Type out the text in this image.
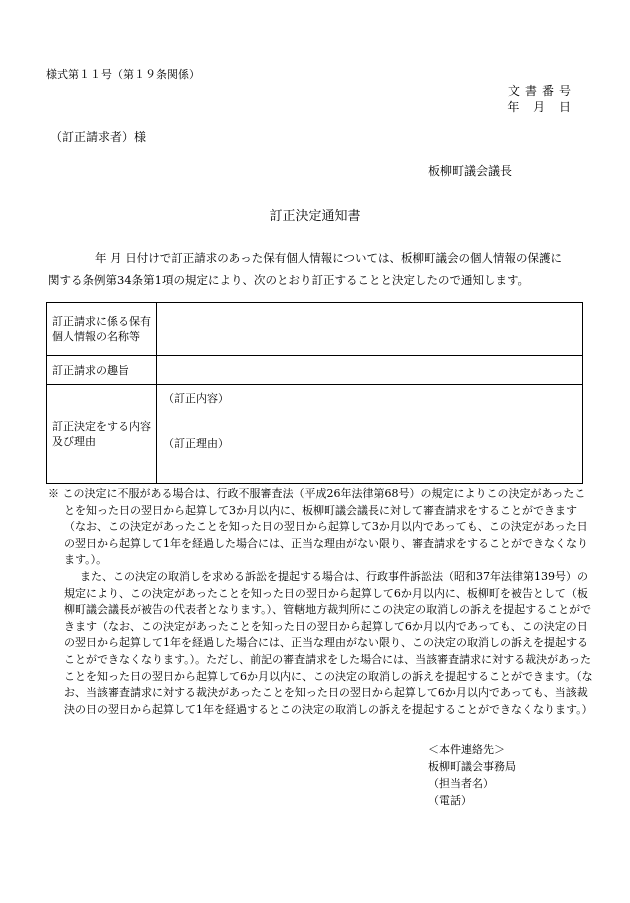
様式第１１号（第１９条関係）
文書番号
年 月 日
（訂正請求者）様
板柳町議会議長
訂正決定通知書

年 月 日付けで訂正請求のあった保有個人情報については、板柳町議会の個人情報の保護に

関する条例第34条第1項の規定により、次のとおり訂正することと決定したので通知します。

訂正請求に係る保有個人情報の名称等	
訂正請求の趣旨	
訂正決定をする内容及び理由	（訂正内容）
（訂正理由）

※ この決定に不服がある場合は、行政不服審査法（平成26年法律第68号）の規定によりこの決定があったことを知った日の翌日から起算して3か月以内に、板柳町議会議長に対して審査請求をすることができます（なお、この決定があったことを知った日の翌日から起算して3か月以内であっても、この決定があった日の翌日から起算して1年を経過した場合には、正当な理由がない限り、審査請求をすることができなくなります。）。

また、この決定の取消しを求める訴訟を提起する場合は、行政事件訴訟法（昭和37年法律第139号）の規定により、この決定があったことを知った日の翌日から起算して6か月以内に、板柳町を被告として（板柳町議会議長が被告の代表者となります。）、管轄地方裁判所にこの決定の取消しの訴えを提起することができます（なお、この決定があったことを知った日の翌日から起算して6か月以内であっても、この決定の日の翌日から起算して1年を経過した場合には、正当な理由がない限り、この決定の取消しの訴えを提起することができなくなります。）。ただし、前記の審査請求をした場合には、当該審査請求に対する裁決があったことを知った日の翌日から起算して6か月以内に、この決定の取消しの訴えを提起することができます。（なお、当該審査請求に対する裁決があったことを知った日の翌日から起算して6か月以内であっても、当該裁決の日の翌日から起算して1年を経過するとこの決定の取消しの訴えを提起することができなくなります。）

＜本件連絡先＞
板柳町議会事務局
（担当者名）
（電話）
